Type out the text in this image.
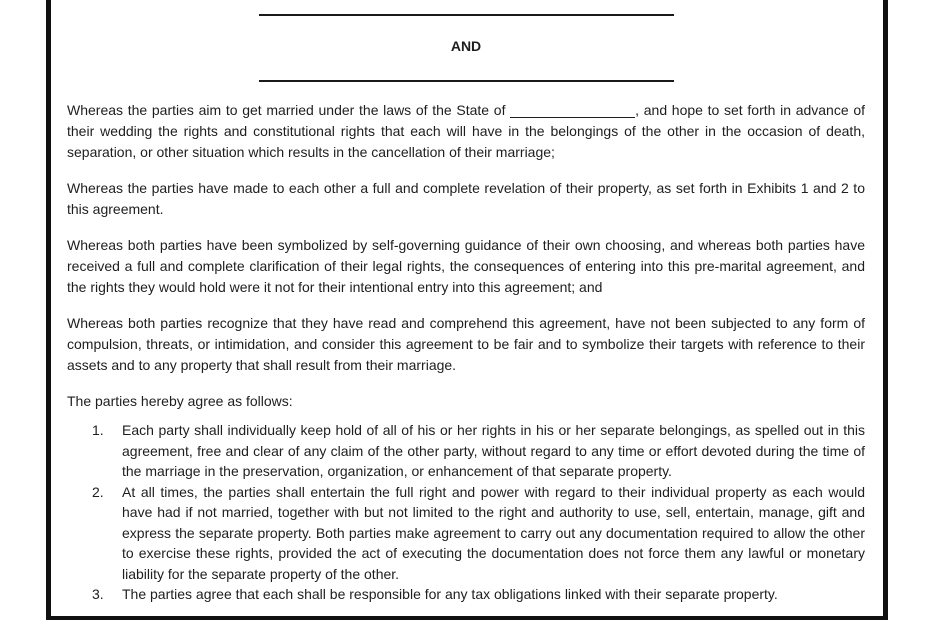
AND

Whereas the parties aim to get married under the laws of the State of	, and hope to set forth in advance of their wedding the rights and constitutional rights that each will have in the belongings of the other in the occasion of death, separation, or other situation which results in the cancellation of their marriage;

Whereas the parties have made to each other a full and complete revelation of their property, as set forth in Exhibits 1 and 2 to this agreement.

Whereas both parties have been symbolized by self-governing guidance of their own choosing, and whereas both parties have received a full and complete clarification of their legal rights, the consequences of entering into this pre-marital agreement, and the rights they would hold were it not for their intentional entry into this agreement; and

Whereas both parties recognize that they have read and comprehend this agreement, have not been subjected to any form of compulsion, threats, or intimidation, and consider this agreement to be fair and to symbolize their targets with reference to their assets and to any property that shall result from their marriage.

The parties hereby agree as follows:

1.	Each party shall individually keep hold of all of his or her rights in his or her separate belongings, as spelled out in this agreement, free and clear of any claim of the other party, without regard to any time or effort devoted during the time of the marriage in the preservation, organization, or enhancement of that separate property.
2.	At all times, the parties shall entertain the full right and power with regard to their individual property as each would have had if not married, together with but not limited to the right and authority to use, sell, entertain, manage, gift and express the separate property. Both parties make agreement to carry out any documentation required to allow the other to exercise these rights, provided the act of executing the documentation does not force them any lawful or monetary liability for the separate property of the other.
3.	The parties agree that each shall be responsible for any tax obligations linked with their separate property.
